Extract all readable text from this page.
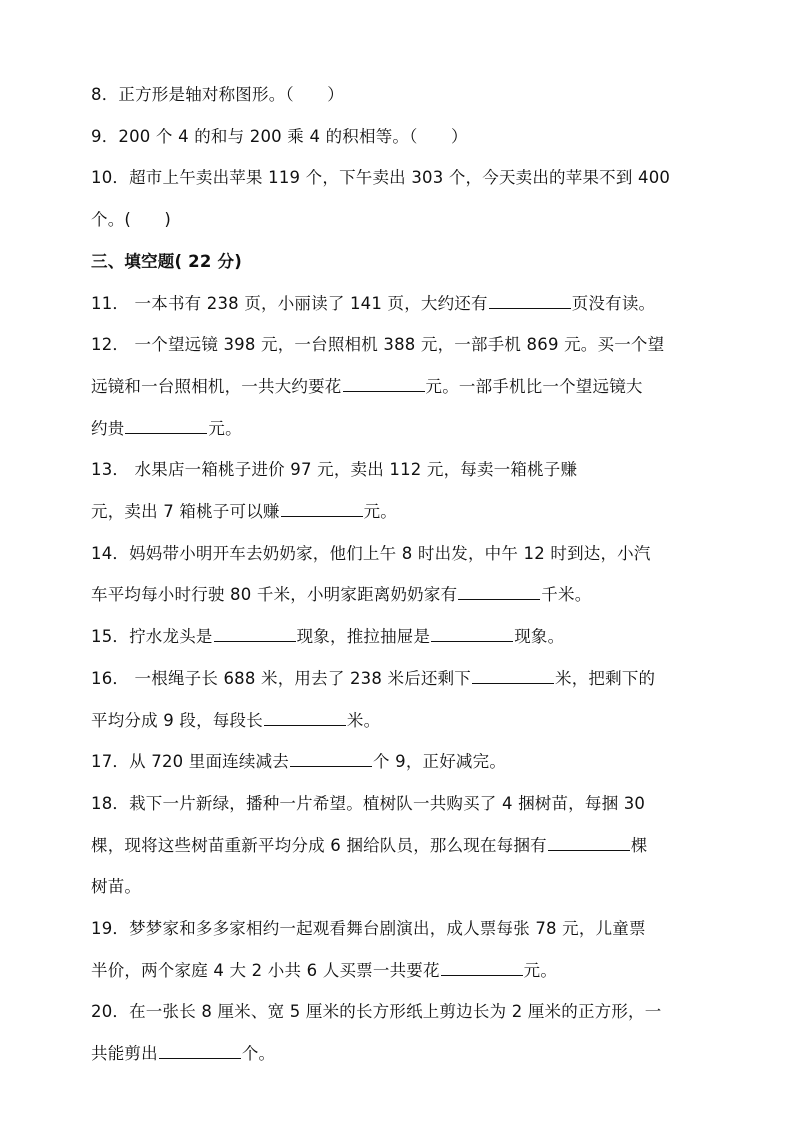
8．正方形是轴对称图形。（　　）
9．200 个 4 的和与 200 乘 4 的积相等。（　　）
10．超市上午卖出苹果 119 个，下午卖出 303 个，今天卖出的苹果不到 400
个。(　　)
三、填空题( 22 分)
11． 一本书有 238 页，小丽读了 141 页，大约还有	页没有读。
12． 一个望远镜 398 元，一台照相机 388 元，一部手机 869 元。买一个望
远镜和一台照相机，一共大约要花	元。一部手机比一个望远镜大
约贵	元。
13． 水果店一箱桃子进价 97 元，卖出 112 元，每卖一箱桃子赚
元，卖出 7 箱桃子可以赚	元。
14．妈妈带小明开车去奶奶家，他们上午 8 时出发，中午 12 时到达，小汽
车平均每小时行驶 80 千米，小明家距离奶奶家有	千米。
15．拧水龙头是	现象，推拉抽屉是	现象。
16． 一根绳子长 688 米，用去了 238 米后还剩下	米，把剩下的
平均分成 9 段，每段长	米。
17．从 720 里面连续减去	个 9，正好减完。
18．栽下一片新绿，播种一片希望。植树队一共购买了 4 捆树苗，每捆 30
棵，现将这些树苗重新平均分成 6 捆给队员，那么现在每捆有	棵
树苗。
19．梦梦家和多多家相约一起观看舞台剧演出，成人票每张 78 元，儿童票
半价，两个家庭 4 大 2 小共 6 人买票一共要花	元。
20．在一张长 8 厘米、宽 5 厘米的长方形纸上剪边长为 2 厘米的正方形，一
共能剪出	个。
